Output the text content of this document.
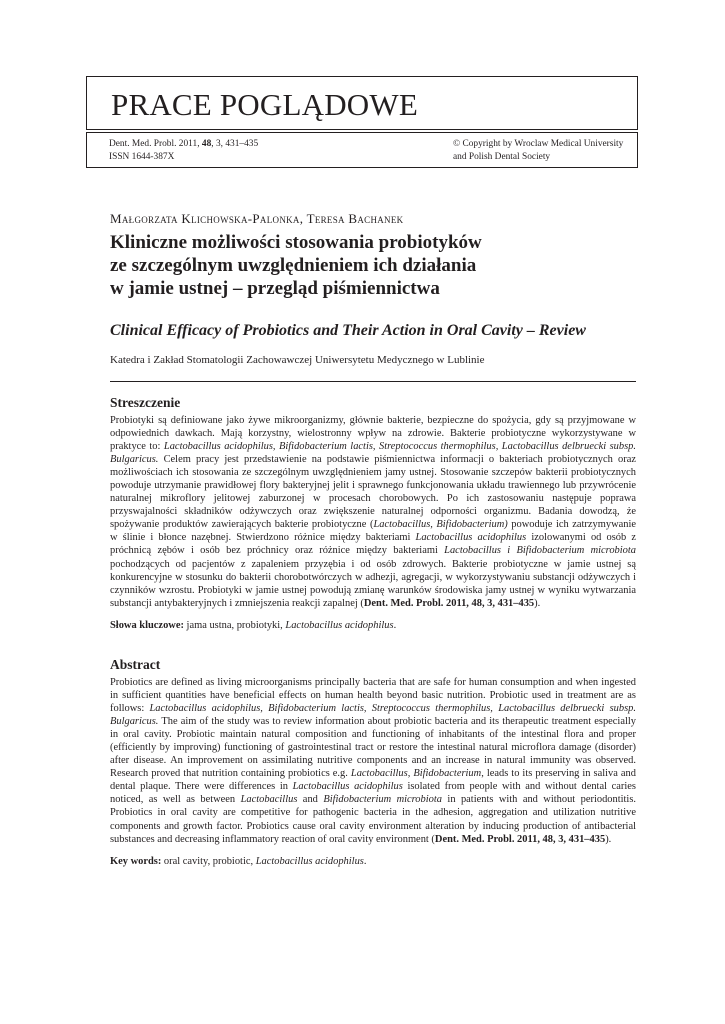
PRACE POGLĄDOWE
Dent. Med. Probl. 2011, 48, 3, 431–435
ISSN 1644-387X
© Copyright by Wroclaw Medical University
and Polish Dental Society
Małgorzata Klichowska-Palonka, Teresa Bachanek
Kliniczne możliwości stosowania probiotyków
ze szczególnym uwzględnieniem ich działania
w jamie ustnej – przegląd piśmiennictwa
Clinical Efficacy of Probiotics and Their Action in Oral Cavity – Review
Katedra i Zakład Stomatologii Zachowawczej Uniwersytetu Medycznego w Lublinie
Streszczenie

Probiotyki są definiowane jako żywe mikroorganizmy, głównie bakterie, bezpieczne do spożycia, gdy są przyjmowane w odpowiednich dawkach. Mają korzystny, wielostronny wpływ na zdrowie. Bakterie probiotyczne wykorzystywane w praktyce to: Lactobacillus acidophilus, Bifidobacterium lactis, Streptococcus thermophilus, Lactobacillus delbruecki subsp. Bulgaricus. Celem pracy jest przedstawienie na podstawie piśmiennictwa informacji o bakteriach probiotycznych oraz możliwościach ich stosowania ze szczególnym uwzględnieniem jamy ustnej. Stosowanie szczepów bakterii probiotycznych powoduje utrzymanie prawidłowej flory bakteryjnej jelit i sprawnego funkcjonowania układu trawiennego lub przywrócenie naturalnej mikroflory jelitowej zaburzonej w procesach chorobowych. Po ich zastosowaniu następuje poprawa przyswajalności składników odżywczych oraz zwiększenie naturalnej odporności organizmu. Badania dowodzą, że spożywanie produktów zawierających bakterie probiotyczne (Lactobacillus, Bifidobacterium) powoduje ich zatrzymywanie w ślinie i błonce nazębnej. Stwierdzono różnice między bakteriami Lactobacillus acidophilus izolowanymi od osób z próchnicą zębów i osób bez próchnicy oraz różnice między bakteriami Lactobacillus i Bifidobacterium microbiota pochodzących od pacjentów z zapaleniem przyzębia i od osób zdrowych. Bakterie probiotyczne w jamie ustnej są konkurencyjne w stosunku do bakterii chorobotwórczych w adhezji, agregacji, w wykorzystywaniu substancji odżywczych i czynników wzrostu. Probiotyki w jamie ustnej powodują zmianę warunków środowiska jamy ustnej w wyniku wytwarzania substancji antybakteryjnych i zmniejszenia reakcji zapalnej (Dent. Med. Probl. 2011, 48, 3, 431–435).

Słowa kluczowe: jama ustna, probiotyki, Lactobacillus acidophilus.
Abstract

Probiotics are defined as living microorganisms principally bacteria that are safe for human consumption and when ingested in sufficient quantities have beneficial effects on human health beyond basic nutrition. Probiotic used in treatment are as follows: Lactobacillus acidophilus, Bifidobacterium lactis, Streptococcus thermophilus, Lactobacillus delbruecki subsp. Bulgaricus. The aim of the study was to review information about probiotic bacteria and its therapeutic treatment especially in oral cavity. Probiotic maintain natural composition and functioning of inhabitants of the intestinal flora and proper (efficiently by improving) functioning of gastrointestinal tract or restore the intestinal natural microflora damage (disorder) after disease. An improvement on assimilating nutritive components and an increase in natural immunity was observed. Research proved that nutrition containing probiotics e.g. Lactobacillus, Bifidobacterium, leads to its preserving in saliva and dental plaque. There were differences in Lactobacillus acidophilus isolated from people with and without dental caries noticed, as well as between Lactobacillus and Bifidobacterium microbiota in patients with and without periodontitis. Probiotics in oral cavity are competitive for pathogenic bacteria in the adhesion, aggregation and utilization nutritive components and growth factor. Probiotics cause oral cavity environment alteration by inducing production of antibacterial substances and decreasing inflammatory reaction of oral cavity environment (Dent. Med. Probl. 2011, 48, 3, 431–435).

Key words: oral cavity, probiotic, Lactobacillus acidophilus.
